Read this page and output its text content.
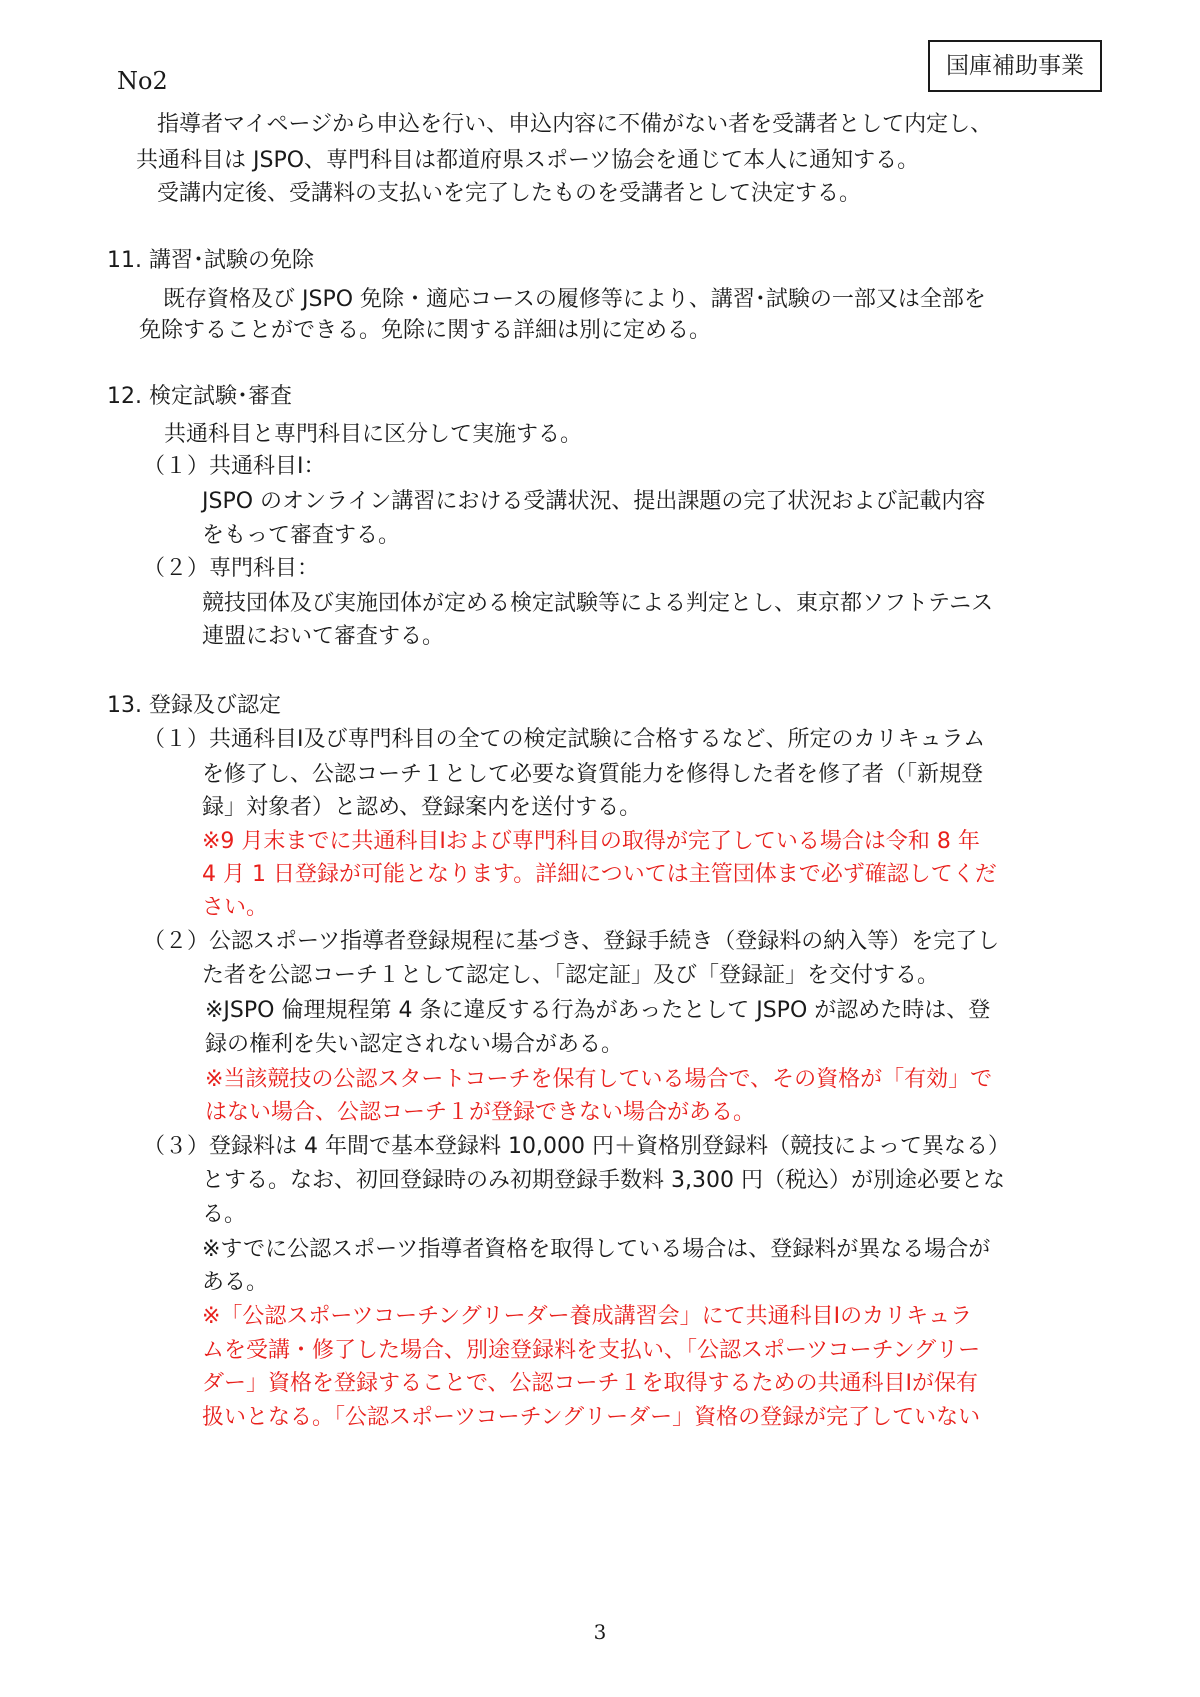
No2
国庫補助事業
指導者マイページから申込を行い、申込内容に不備がない者を受講者として内定し、
共通科目は JSPO、専門科目は都道府県スポーツ協会を通じて本人に通知する。
受講内定後、受講料の支払いを完了したものを受講者として決定する。
11. 講習･試験の免除
既存資格及び JSPO 免除・適応コースの履修等により、講習･試験の一部又は全部を
免除することができる。免除に関する詳細は別に定める。
12. 検定試験･審査
共通科目と専門科目に区分して実施する。
（１）共通科目Ⅰ：
JSPO のオンライン講習における受講状況、提出課題の完了状況および記載内容
をもって審査する。
（２）専門科目：
競技団体及び実施団体が定める検定試験等による判定とし、東京都ソフトテニス
連盟において審査する。
13. 登録及び認定
（１）共通科目Ⅰ及び専門科目の全ての検定試験に合格するなど、所定のカリキュラム
を修了し、公認コーチ１として必要な資質能力を修得した者を修了者（「新規登
録」対象者）と認め、登録案内を送付する。
※9 月末までに共通科目Ⅰおよび専門科目の取得が完了している場合は令和 8 年
4 月 1 日登録が可能となります。詳細については主管団体まで必ず確認してくだ
さい。
（２）公認スポーツ指導者登録規程に基づき、登録手続き（登録料の納入等）を完了し
た者を公認コーチ１として認定し、「認定証」及び「登録証」を交付する。
※JSPO 倫理規程第 4 条に違反する行為があったとして JSPO が認めた時は、登
録の権利を失い認定されない場合がある。
※当該競技の公認スタートコーチを保有している場合で、その資格が「有効」で
はない場合、公認コーチ１が登録できない場合がある。
（３）登録料は 4 年間で基本登録料 10,000 円＋資格別登録料（競技によって異なる）
とする。なお、初回登録時のみ初期登録手数料 3,300 円（税込）が別途必要とな
る。
※すでに公認スポーツ指導者資格を取得している場合は、登録料が異なる場合が
ある。
※「公認スポーツコーチングリーダー養成講習会」にて共通科目Ⅰのカリキュラ
ムを受講・修了した場合、別途登録料を支払い、「公認スポーツコーチングリー
ダー」資格を登録することで、公認コーチ１を取得するための共通科目Ⅰが保有
扱いとなる。「公認スポーツコーチングリーダー」資格の登録が完了していない
3
